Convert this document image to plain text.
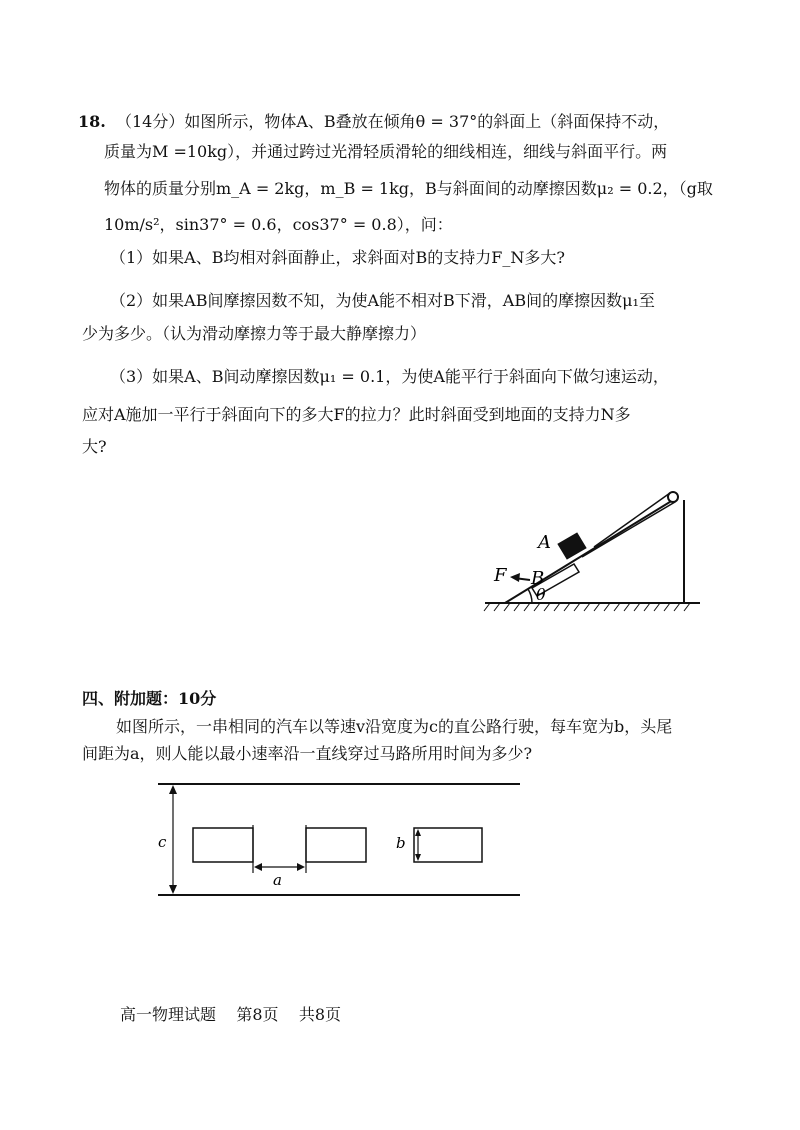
18. （14分）如图所示，物体A、B叠放在倾角θ = 37°的斜面上（斜面保持不动，
质量为M =10kg），并通过跨过光滑轻质滑轮的细线相连，细线与斜面平行。两
物体的质量分别m_A = 2kg，m_B = 1kg，B与斜面间的动摩擦因数μ₂ = 0.2，（g取
10m/s²，sin37° = 0.6，cos37° = 0.8），问：
（1）如果A、B均相对斜面静止，求斜面对B的支持力F_N多大?
（2）如果AB间摩擦因数不知，为使A能不相对B下滑，AB间的摩擦因数μ₁至
少为多少。（认为滑动摩擦力等于最大静摩擦力）
（3）如果A、B间动摩擦因数μ₁ = 0.1，为使A能平行于斜面向下做匀速运动，
应对A施加一平行于斜面向下的多大F的拉力？此时斜面受到地面的支持力N多
大?
A
F B
θ
四、附加题：10分
如图所示，一串相同的汽车以等速v沿宽度为c的直公路行驶，每车宽为b，头尾
间距为a，则人能以最小速率沿一直线穿过马路所用时间为多少?
c
a
b
高一物理试题    第8页    共8页
